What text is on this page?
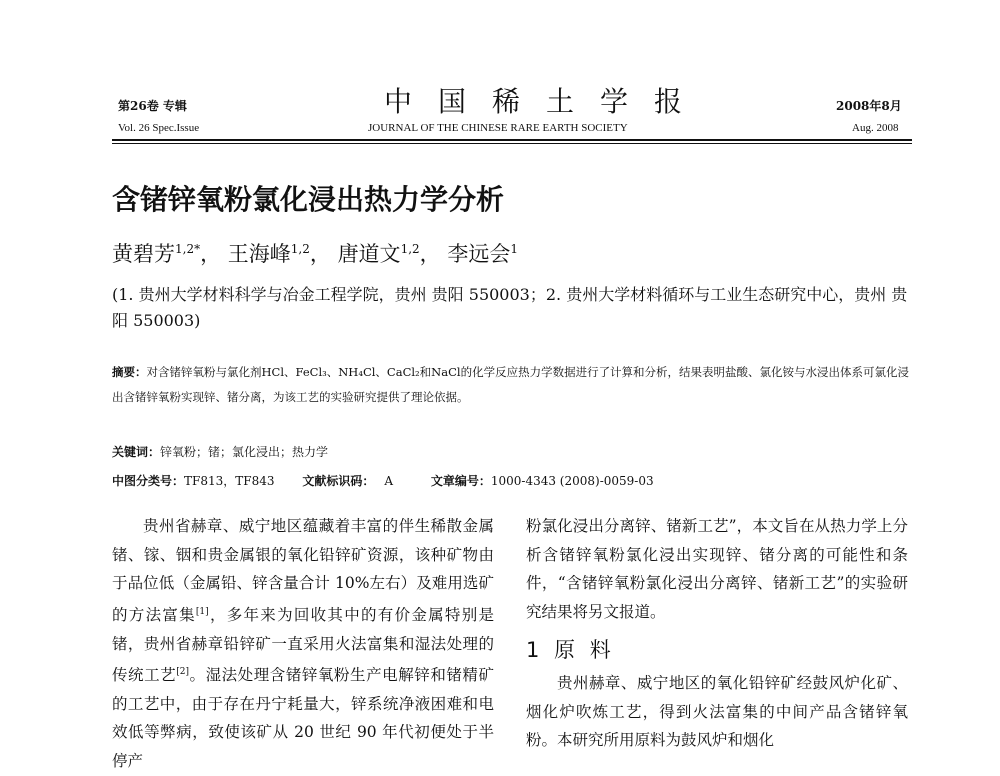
第26卷 专辑	中国稀土学报	2008年8月
Vol. 26 Spec.Issue	JOURNAL OF THE CHINESE RARE EARTH SOCIETY	Aug. 2008
含锗锌氧粉氯化浸出热力学分析
黄碧芳$^{1,2*}$， 王海峰$^{1,2}$， 唐道文$^{1,2}$， 李远会$^1$
(1. 贵州大学材料科学与冶金工程学院，贵州 贵阳 550003；2. 贵州大学材料循环与工业生态研究中心，贵州 贵阳 550003)
摘要：对含锗锌氧粉与氯化剂HCl、FeCl₃、NH₄Cl、CaCl₂和NaCl的化学反应热力学数据进行了计算和分析，结果表明盐酸、氯化铵与水浸出体系可氯化浸出含锗锌氧粉实现锌、锗分离，为该工艺的实验研究提供了理论依据。
关键词：锌氧粉；锗；氯化浸出；热力学
中图分类号：TF813，TF843 文献标识码： A	文章编号：1000-4343 (2008)-0059-03

贵州省赫章、威宁地区蕴藏着丰富的伴生稀散金属锗、镓、铟和贵金属银的氧化铅锌矿资源，该种矿物由于品位低（金属铅、锌含量合计 10%左右）及难用选矿的方法富集[1]，多年来为回收其中的有价金属特别是锗，贵州省赫章铅锌矿一直采用火法富集和湿法处理的传统工艺[2]。湿法处理含锗锌氧粉生产电解锌和锗精矿的工艺中，由于存在丹宁耗量大，锌系统净液困难和电效低等弊病，致使该矿从 20 世纪 90 年代初便处于半停产

粉氯化浸出分离锌、锗新工艺”，本文旨在从热力学上分析含锗锌氧粉氯化浸出实现锌、锗分离的可能性和条件，“含锗锌氧粉氯化浸出分离锌、锗新工艺”的实验研究结果将另文报道。

1 原 料

贵州赫章、威宁地区的氧化铅锌矿经鼓风炉化矿、烟化炉吹炼工艺，得到火法富集的中间产品含锗锌氧粉。本研究所用原料为鼓风炉和烟化
